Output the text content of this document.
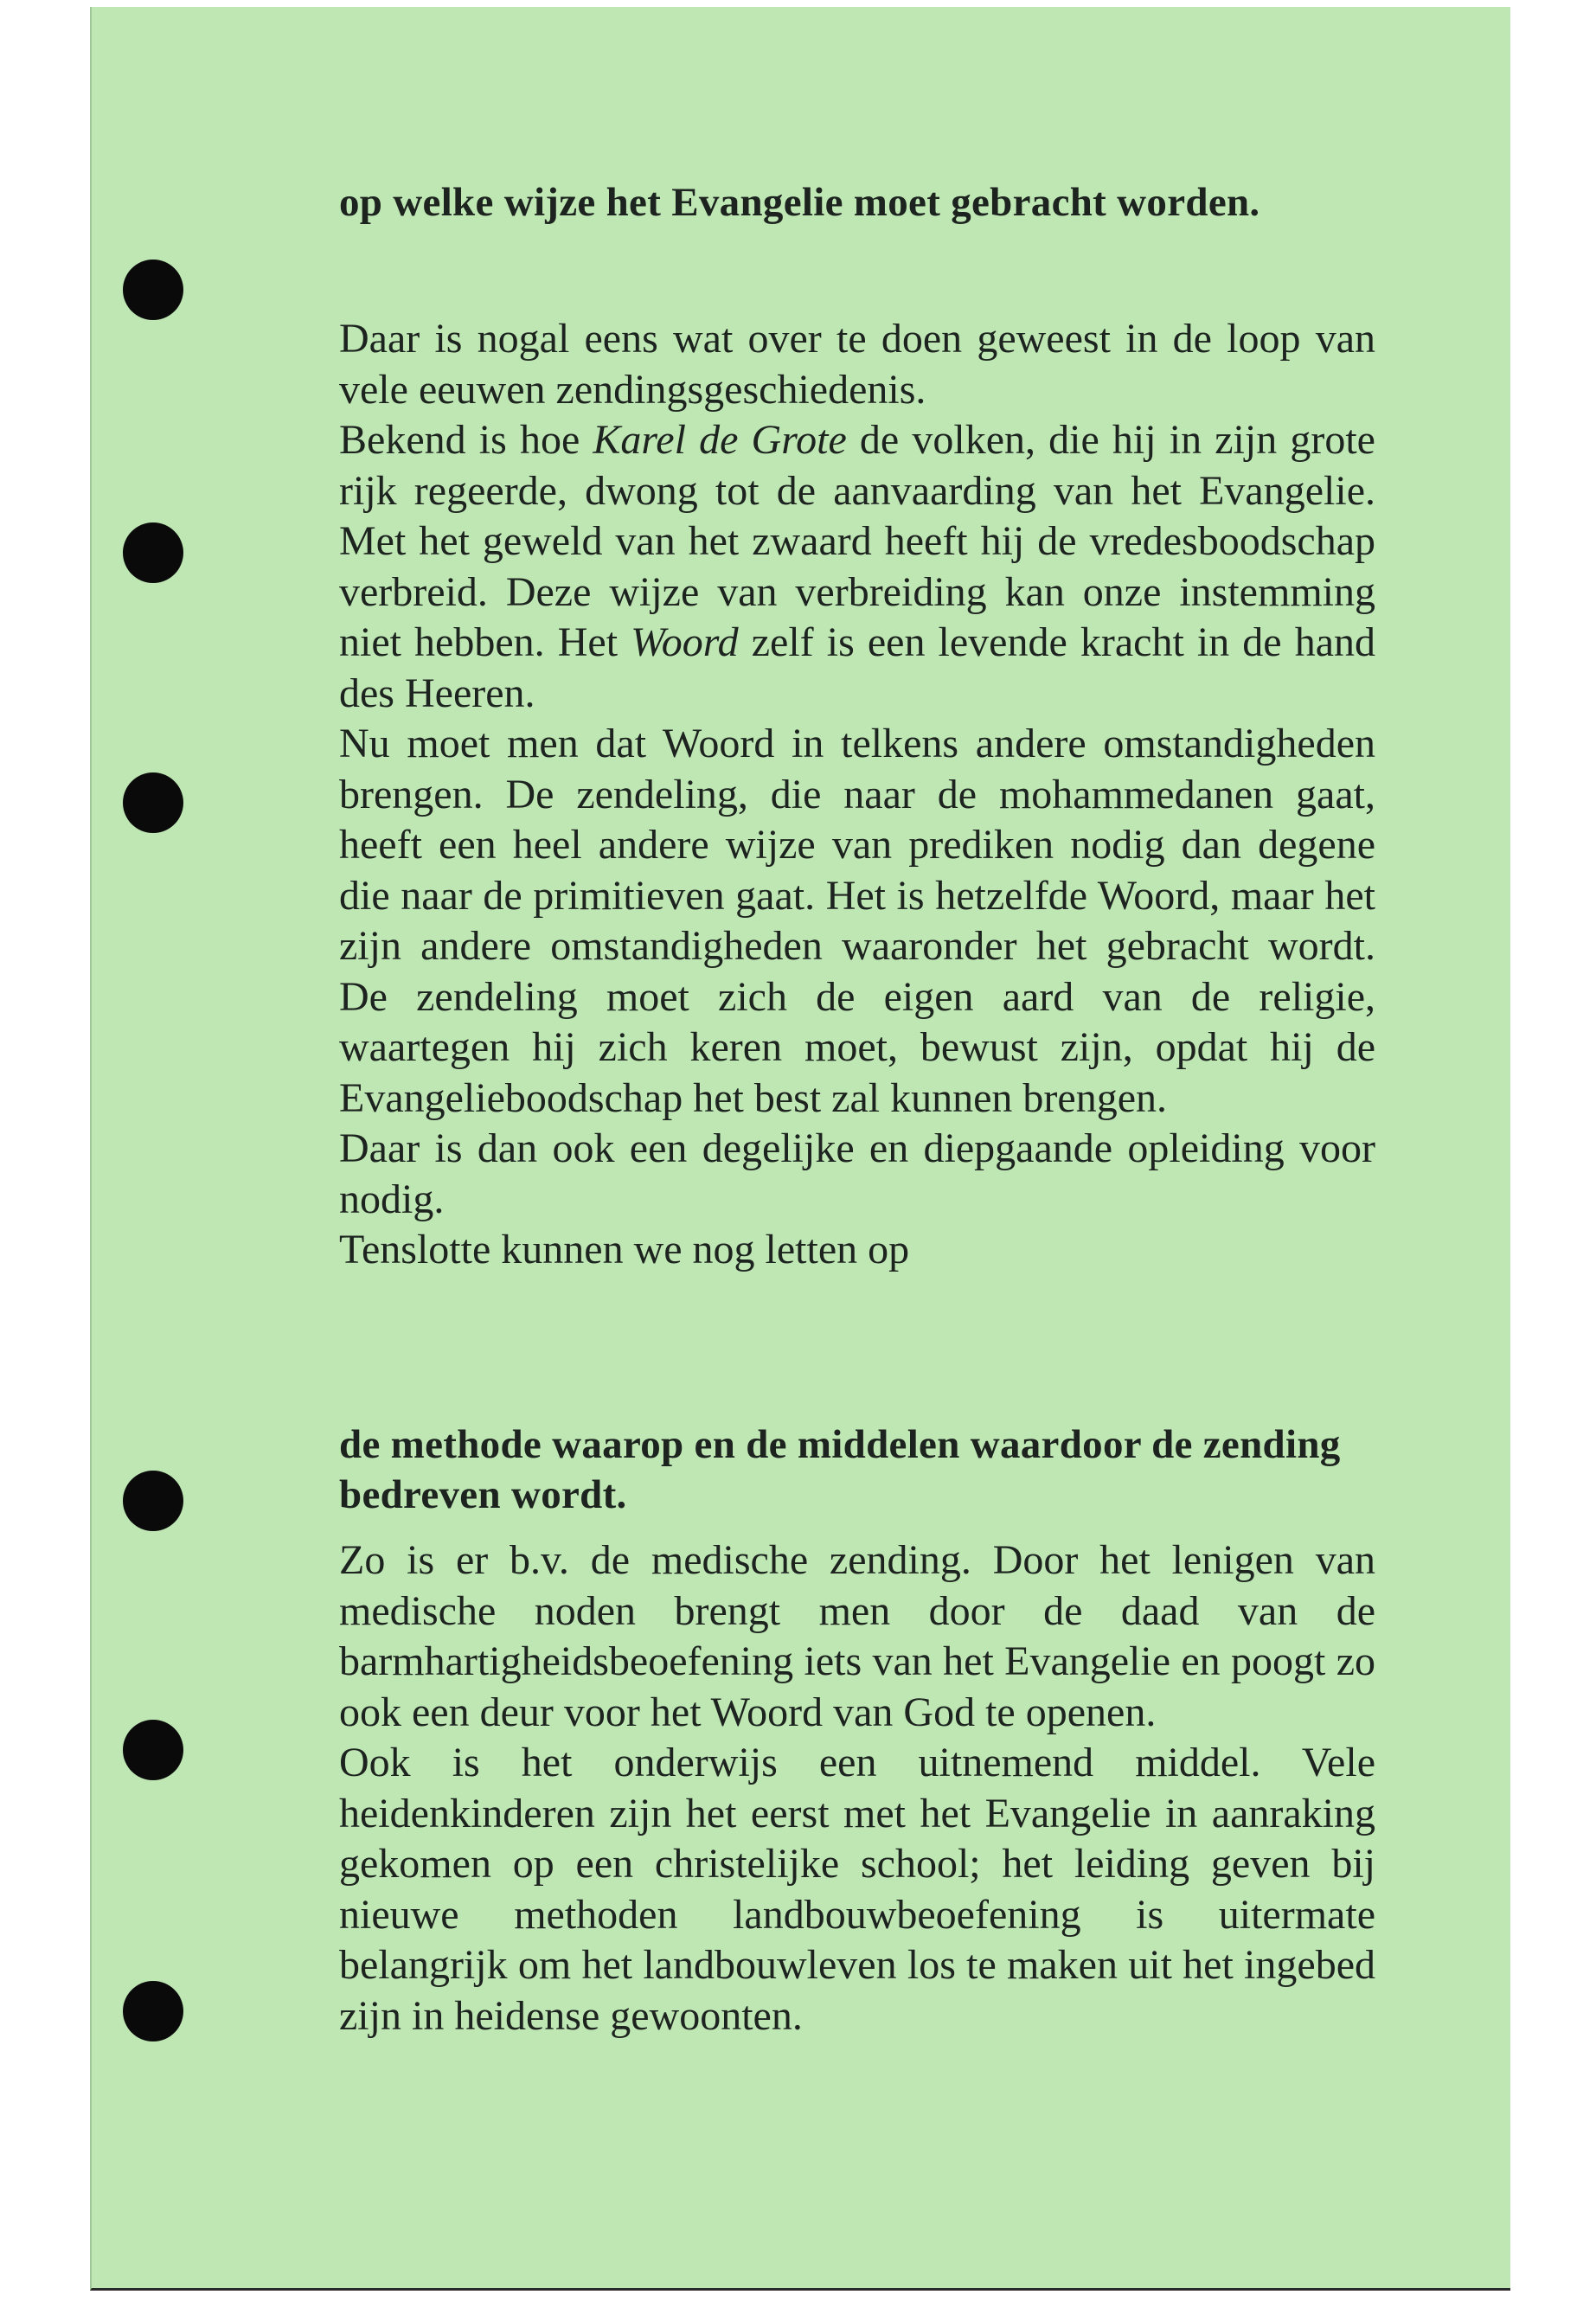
op welke wijze het Evangelie moet gebracht worden.

Daar is nogal eens wat over te doen geweest in de loop van vele eeuwen zendingsgeschiedenis.

Bekend is hoe Karel de Grote de volken, die hij in zijn grote rijk regeerde, dwong tot de aanvaarding van het Evangelie. Met het geweld van het zwaard heeft hij de vredesboodschap verbreid. Deze wijze van verbreiding kan onze instemming niet hebben. Het Woord zelf is een levende kracht in de hand des Heeren.

Nu moet men dat Woord in telkens andere omstandigheden brengen. De zendeling, die naar de mohammedanen gaat, heeft een heel andere wijze van prediken nodig dan degene die naar de primitieven gaat. Het is hetzelfde Woord, maar het zijn andere omstandigheden waaronder het gebracht wordt. De zendeling moet zich de eigen aard van de religie, waartegen hij zich keren moet, bewust zijn, opdat hij de Evangelieboodschap het best zal kunnen brengen.

Daar is dan ook een degelijke en diepgaande opleiding voor nodig.

Tenslotte kunnen we nog letten op

de methode waarop en de middelen waardoor de zending bedreven wordt.

Zo is er b.v. de medische zending. Door het lenigen van medische noden brengt men door de daad van de barmhartigheidsbeoefening iets van het Evangelie en poogt zo ook een deur voor het Woord van God te openen.

Ook is het onderwijs een uitnemend middel. Vele heidenkinderen zijn het eerst met het Evangelie in aanraking gekomen op een christelijke school; het leiding geven bij nieuwe methoden landbouwbeoefening is uitermate belangrijk om het landbouwleven los te maken uit het ingebed zijn in heidense gewoonten.
